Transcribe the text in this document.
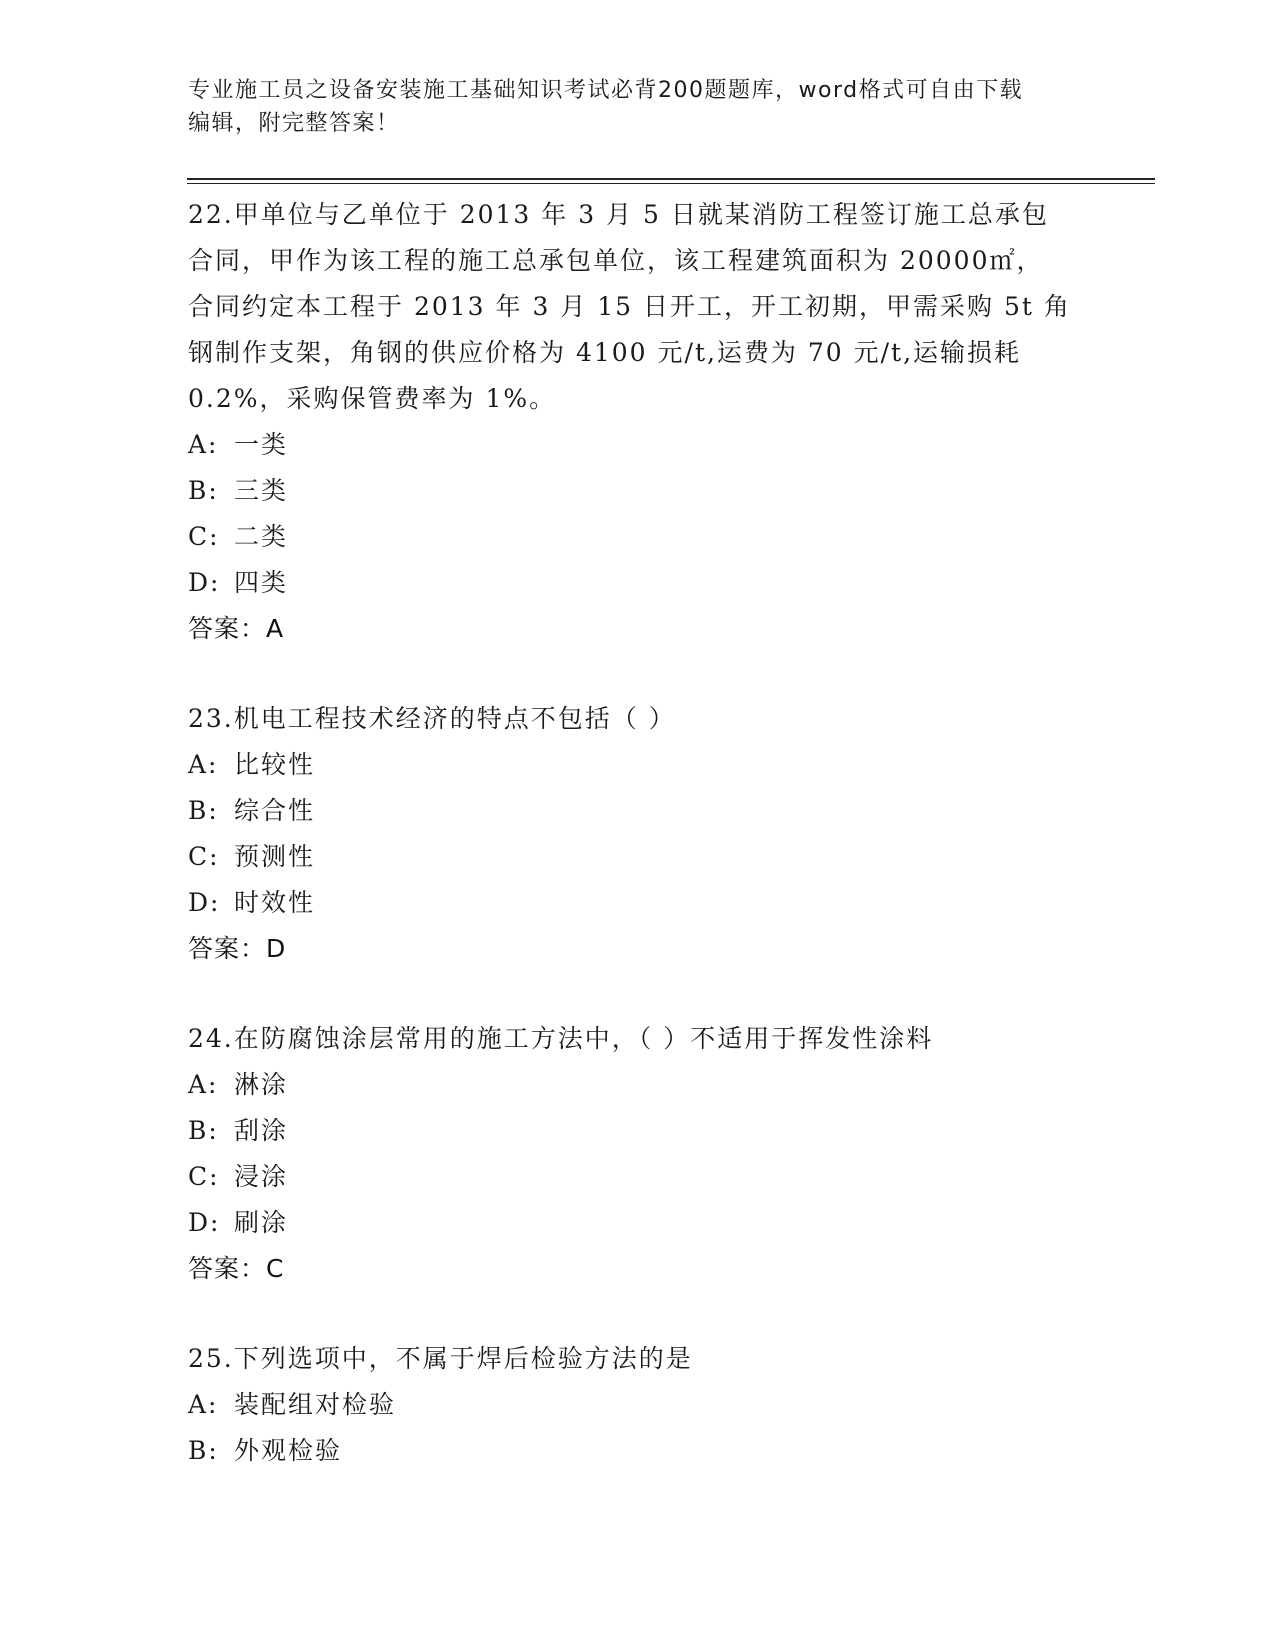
专业施工员之设备安装施工基础知识考试必背200题题库，word格式可自由下载
编辑，附完整答案！
22.甲单位与乙单位于 2013 年 3 月 5 日就某消防工程签订施工总承包
合同，甲作为该工程的施工总承包单位，该工程建筑面积为 20000㎡，
合同约定本工程于 2013 年 3 月 15 日开工，开工初期，甲需采购 5t 角
钢制作支架，角钢的供应价格为 4100 元/t,运费为 70 元/t,运输损耗
0.2%，采购保管费率为 1%。
A: 一类
B: 三类
C: 二类
D: 四类
答案：A
23.机电工程技术经济的特点不包括（ ）
A: 比较性
B: 综合性
C: 预测性
D: 时效性
答案：D
24.在防腐蚀涂层常用的施工方法中，（ ）不适用于挥发性涂料
A: 淋涂
B: 刮涂
C: 浸涂
D: 刷涂
答案：C
25.下列选项中，不属于焊后检验方法的是
A: 装配组对检验
B: 外观检验
